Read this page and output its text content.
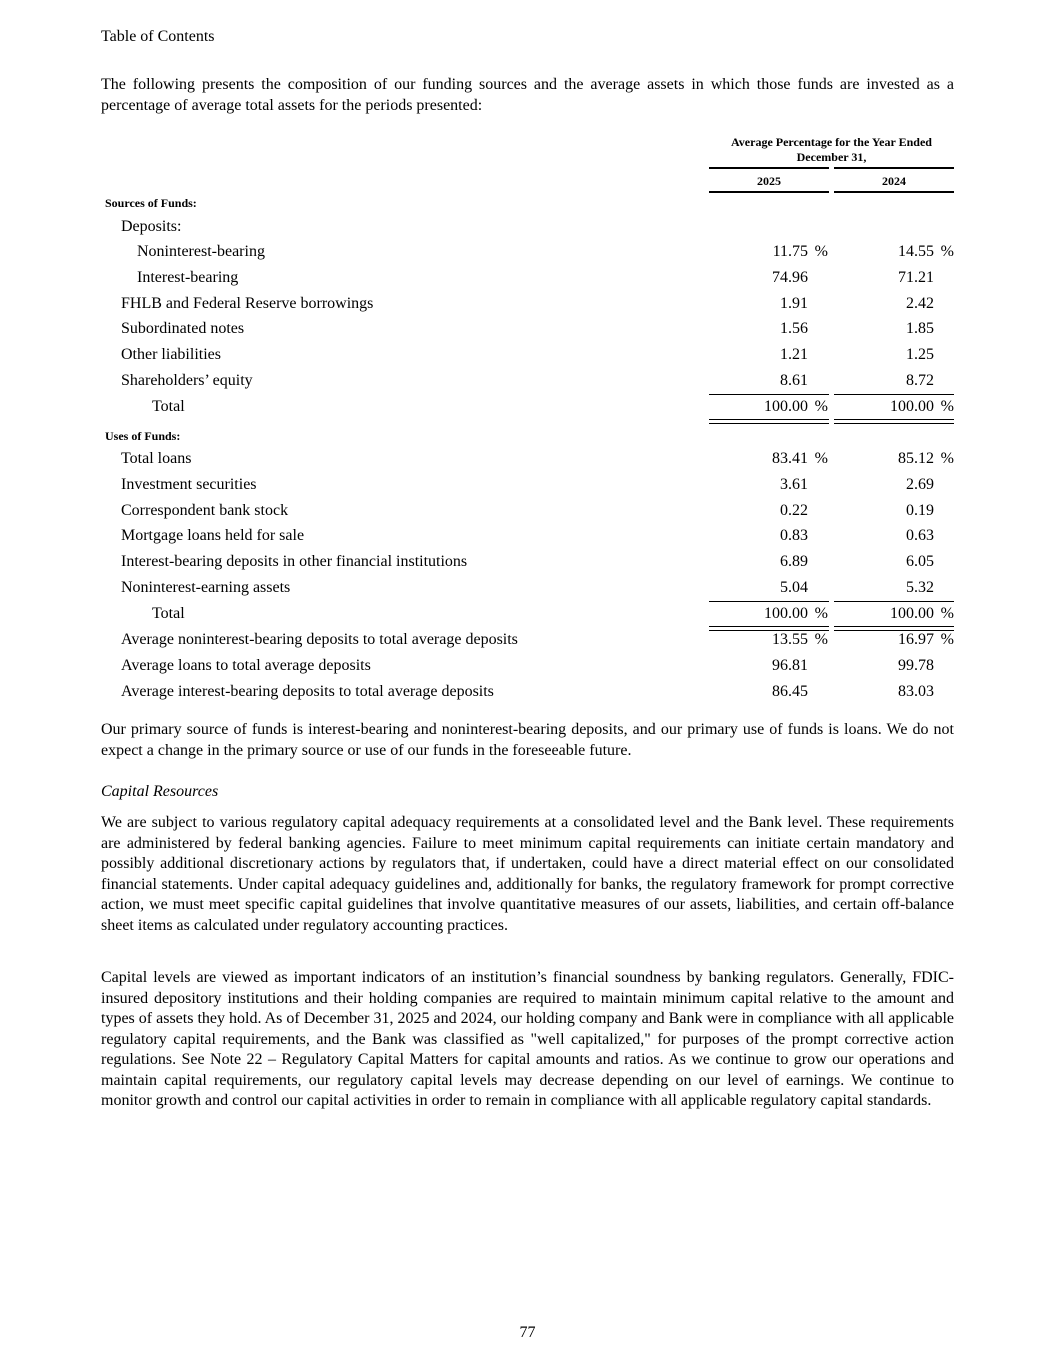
Table of Contents
The following presents the composition of our funding sources and the average assets in which those funds are invested as a percentage of average total assets for the periods presented:
Average Percentage for the Year Ended December 31,
2025	2024
Sources of Funds:
Deposits:
Noninterest-bearing	11.75 %	14.55 %
Interest-bearing	74.96	71.21
FHLB and Federal Reserve borrowings	1.91	2.42
Subordinated notes	1.56	1.85
Other liabilities	1.21	1.25
Shareholders’ equity	8.61	8.72
Total	100.00 %	100.00 %
Uses of Funds:
Total loans	83.41 %	85.12 %
Investment securities	3.61	2.69
Correspondent bank stock	0.22	0.19
Mortgage loans held for sale	0.83	0.63
Interest-bearing deposits in other financial institutions	6.89	6.05
Noninterest-earning assets	5.04	5.32
Total	100.00 %	100.00 %
Average noninterest-bearing deposits to total average deposits	13.55 %	16.97 %
Average loans to total average deposits	96.81	99.78
Average interest-bearing deposits to total average deposits	86.45	83.03
Our primary source of funds is interest-bearing and noninterest-bearing deposits, and our primary use of funds is loans. We do not expect a change in the primary source or use of our funds in the foreseeable future.
Capital Resources
We are subject to various regulatory capital adequacy requirements at a consolidated level and the Bank level. These requirements are administered by federal banking agencies. Failure to meet minimum capital requirements can initiate certain mandatory and possibly additional discretionary actions by regulators that, if undertaken, could have a direct material effect on our consolidated financial statements. Under capital adequacy guidelines and, additionally for banks, the regulatory framework for prompt corrective action, we must meet specific capital guidelines that involve quantitative measures of our assets, liabilities, and certain off-balance sheet items as calculated under regulatory accounting practices.
Capital levels are viewed as important indicators of an institution’s financial soundness by banking regulators. Generally, FDIC-insured depository institutions and their holding companies are required to maintain minimum capital relative to the amount and types of assets they hold. As of December 31, 2025 and 2024, our holding company and Bank were in compliance with all applicable regulatory capital requirements, and the Bank was classified as "well capitalized," for purposes of the prompt corrective action regulations. See Note 22 – Regulatory Capital Matters for capital amounts and ratios. As we continue to grow our operations and maintain capital requirements, our regulatory capital levels may decrease depending on our level of earnings. We continue to monitor growth and control our capital activities in order to remain in compliance with all applicable regulatory capital standards.
77
